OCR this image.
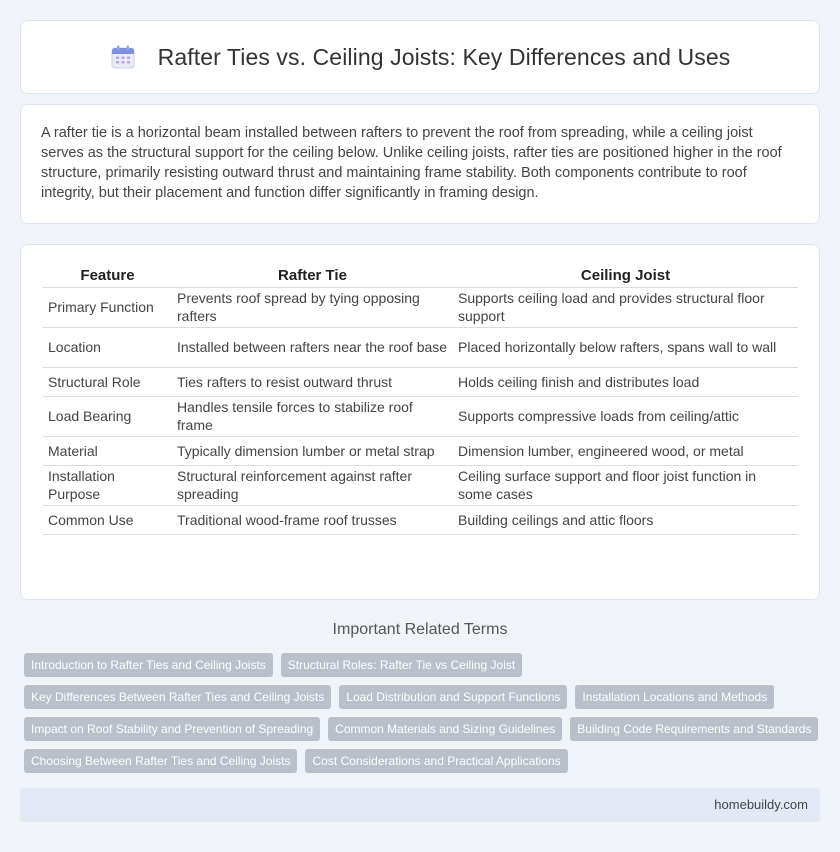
Rafter Ties vs. Ceiling Joists: Key Differences and Uses

A rafter tie is a horizontal beam installed between rafters to prevent the roof from spreading, while a ceiling joist serves as the structural support for the ceiling below. Unlike ceiling joists, rafter ties are positioned higher in the roof structure, primarily resisting outward thrust and maintaining frame stability. Both components contribute to roof integrity, but their placement and function differ significantly in framing design.

Feature	Rafter Tie	Ceiling Joist
Primary Function	Prevents roof spread by tying opposing rafters	Supports ceiling load and provides structural floor support
Location	Installed between rafters near the roof base	Placed horizontally below rafters, spans wall to wall
Structural Role	Ties rafters to resist outward thrust	Holds ceiling finish and distributes load
Load Bearing	Handles tensile forces to stabilize roof frame	Supports compressive loads from ceiling/attic
Material	Typically dimension lumber or metal strap	Dimension lumber, engineered wood, or metal
Installation Purpose	Structural reinforcement against rafter spreading	Ceiling surface support and floor joist function in some cases
Common Use	Traditional wood-frame roof trusses	Building ceilings and attic floors
Important Related Terms
Introduction to Rafter Ties and Ceiling Joists	Structural Roles: Rafter Tie vs Ceiling Joist
Key Differences Between Rafter Ties and Ceiling Joists	Load Distribution and Support Functions	Installation Locations and Methods
Impact on Roof Stability and Prevention of Spreading	Common Materials and Sizing Guidelines	Building Code Requirements and Standards
Choosing Between Rafter Ties and Ceiling Joists	Cost Considerations and Practical Applications
homebuildy.com
